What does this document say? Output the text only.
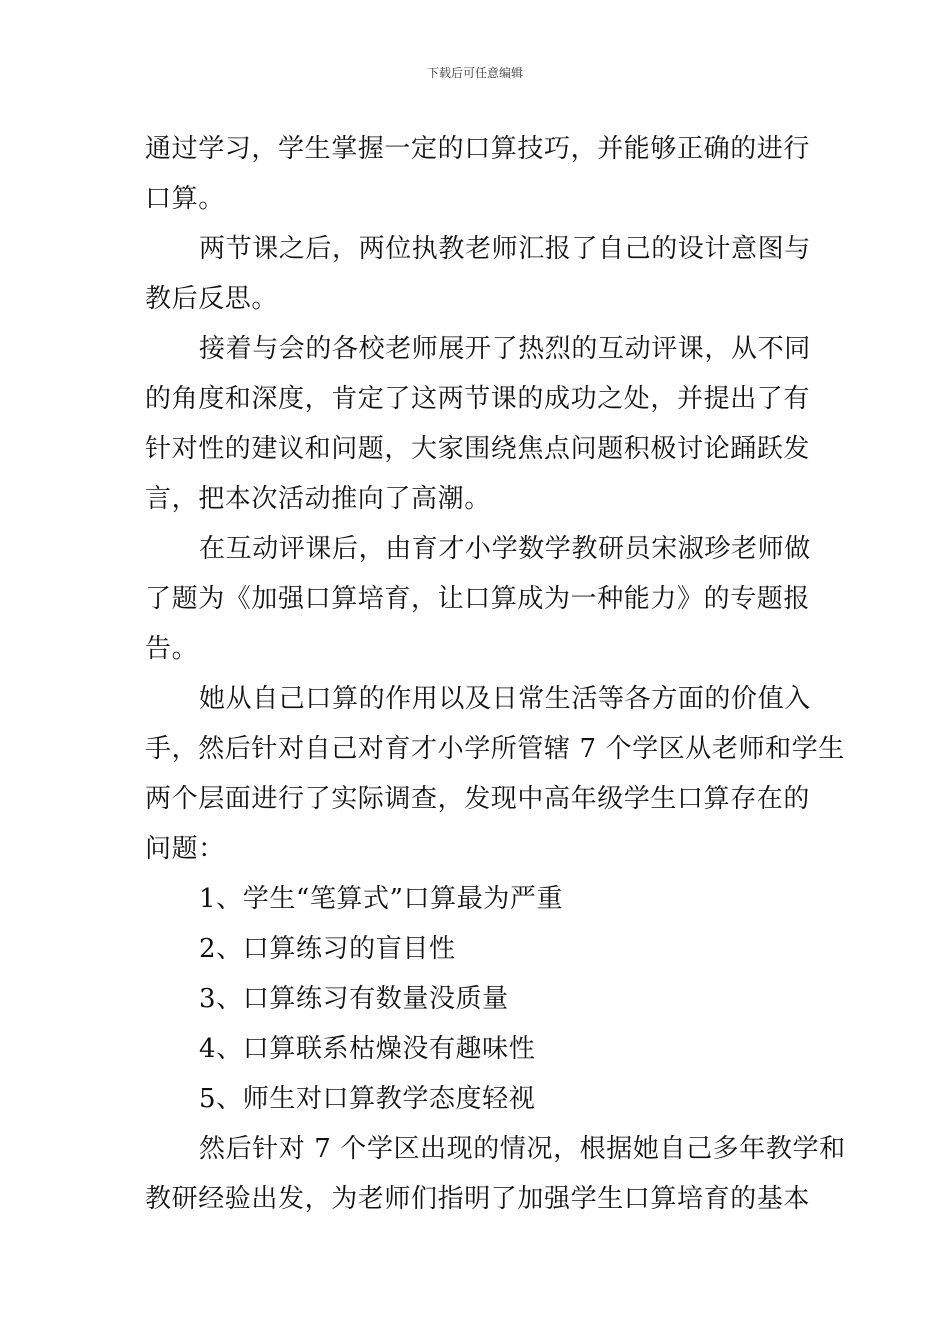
下载后可任意编辑
通过学习，学生掌握一定的口算技巧，并能够正确的进行
口算。
两节课之后，两位执教老师汇报了自己的设计意图与
教后反思。
接着与会的各校老师展开了热烈的互动评课，从不同
的角度和深度，肯定了这两节课的成功之处，并提出了有
针对性的建议和问题，大家围绕焦点问题积极讨论踊跃发
言，把本次活动推向了高潮。
在互动评课后，由育才小学数学教研员宋淑珍老师做
了题为《加强口算培育，让口算成为一种能力》的专题报
告。
她从自己口算的作用以及日常生活等各方面的价值入
手，然后针对自己对育才小学所管辖 7 个学区从老师和学生
两个层面进行了实际调查，发现中高年级学生口算存在的
问题：
1、学生“笔算式”口算最为严重
2、口算练习的盲目性
3、口算练习有数量没质量
4、口算联系枯燥没有趣味性
5、师生对口算教学态度轻视
然后针对 7 个学区出现的情况，根据她自己多年教学和
教研经验出发，为老师们指明了加强学生口算培育的基本
